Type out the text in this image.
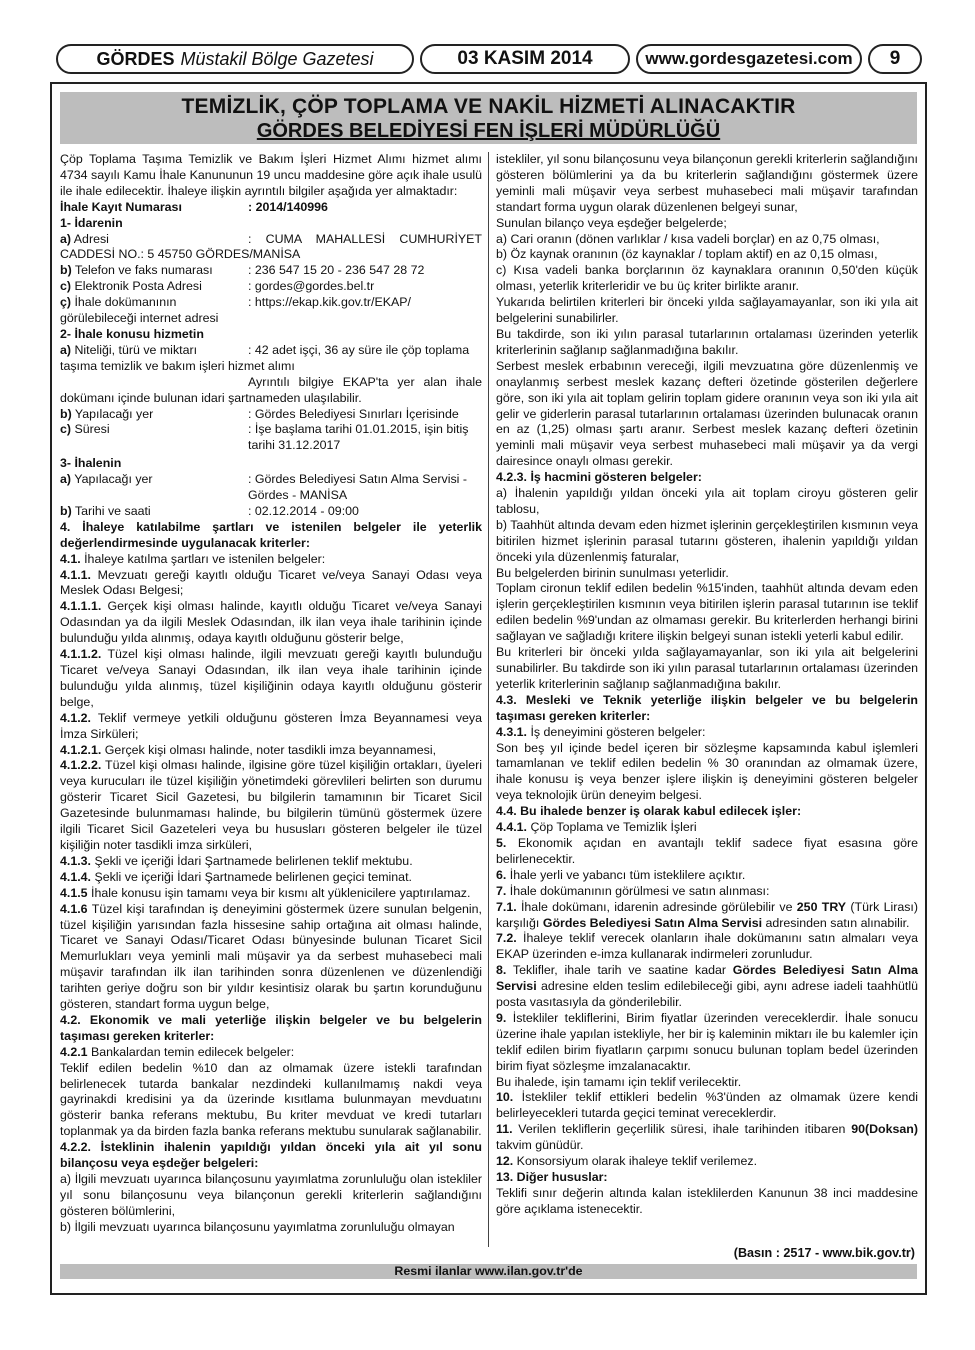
GÖRDES Müstakil Bölge Gazetesi	03 KASIM 2014	www.gordesgazetesi.com	9
TEMİZLİK, ÇÖP TOPLAMA VE NAKİL HİZMETİ ALINACAKTIR
GÖRDES BELEDİYESİ FEN İŞLERİ MÜDÜRLÜĞÜ

Çöp Toplama Taşıma Temizlik ve Bakım İşleri Hizmet Alımı hizmet alımı 4734 sayılı Kamu İhale Kanununun 19 uncu maddesine göre açık ihale usulü ile ihale edilecektir. İhaleye ilişkin ayrıntılı bilgiler aşağıda yer almaktadır:

İhale Kayıt Numarası	: 2014/140996

1- İdarenin

a) Adresi	: CUMA MAHALLESİ CUMHURİYET

CADDESİ NO.: 5 45750 GÖRDES/MANİSA

b) Telefon ve faks numarası	: 236 547 15 20 - 236 547 28 72
c) Elektronik Posta Adresi	: gordes@gordes.bel.tr
ç) İhale dokümanının	: https://ekap.kik.gov.tr/EKAP/

görülebileceği internet adresi

2- İhale konusu hizmetin

a) Niteliği, türü ve miktarı	: 42 adet işçi, 36 ay süre ile çöp toplama

taşıma temizlik ve bakım işleri hizmet alımı

Ayrıntılı bilgiye EKAP'ta yer alan ihale dokümanı içinde bulunan idari şartnameden ulaşılabilir.

b) Yapılacağı yer	: Gördes Belediyesi Sınırları İçerisinde
c) Süresi	: İşe başlama tarihi 01.01.2015, işin bitiş tarihi 31.12.2017

3- İhalenin

a) Yapılacağı yer	: Gördes Belediyesi Satın Alma Servisi - Gördes - MANİSA
b) Tarihi ve saati	: 02.12.2014 - 09:00

4. İhaleye katılabilme şartları ve istenilen belgeler ile yeterlik değerlendirmesinde uygulanacak kriterler:

4.1. İhaleye katılma şartları ve istenilen belgeler:

4.1.1. Mevzuatı gereği kayıtlı olduğu Ticaret ve/veya Sanayi Odası veya Meslek Odası Belgesi;

4.1.1.1. Gerçek kişi olması halinde, kayıtlı olduğu Ticaret ve/veya Sanayi Odasından ya da ilgili Meslek Odasından, ilk ilan veya ihale tarihinin içinde bulunduğu yılda alınmış, odaya kayıtlı olduğunu gösterir belge,

4.1.1.2. Tüzel kişi olması halinde, ilgili mevzuatı gereği kayıtlı bulunduğu Ticaret ve/veya Sanayi Odasından, ilk ilan veya ihale tarihinin içinde bulunduğu yılda alınmış, tüzel kişiliğinin odaya kayıtlı olduğunu gösterir belge,

4.1.2. Teklif vermeye yetkili olduğunu gösteren İmza Beyannamesi veya İmza Sirküleri;

4.1.2.1. Gerçek kişi olması halinde, noter tasdikli imza beyannamesi,

4.1.2.2. Tüzel kişi olması halinde, ilgisine göre tüzel kişiliğin ortakları, üyeleri veya kurucuları ile tüzel kişiliğin yönetimdeki görevlileri belirten son durumu gösterir Ticaret Sicil Gazetesi, bu bilgilerin tamamının bir Ticaret Sicil Gazetesinde bulunmaması halinde, bu bilgilerin tümünü göstermek üzere ilgili Ticaret Sicil Gazeteleri veya bu hususları gösteren belgeler ile tüzel kişiliğin noter tasdikli imza sirküleri,

4.1.3. Şekli ve içeriği İdari Şartnamede belirlenen teklif mektubu.

4.1.4. Şekli ve içeriği İdari Şartnamede belirlenen geçici teminat.

4.1.5 İhale konusu işin tamamı veya bir kısmı alt yüklenicilere yaptırılamaz.

4.1.6 Tüzel kişi tarafından iş deneyimini göstermek üzere sunulan belgenin, tüzel kişiliğin yarısından fazla hissesine sahip ortağına ait olması halinde, Ticaret ve Sanayi Odası/Ticaret Odası bünyesinde bulunan Ticaret Sicil Memurlukları veya yeminli mali müşavir ya da serbest muhasebeci mali müşavir tarafından ilk ilan tarihinden sonra düzenlenen ve düzenlendiği tarihten geriye doğru son bir yıldır kesintisiz olarak bu şartın korunduğunu gösteren, standart forma uygun belge,

4.2. Ekonomik ve mali yeterliğe ilişkin belgeler ve bu belgelerin taşıması gereken kriterler:

4.2.1 Bankalardan temin edilecek belgeler:

Teklif edilen bedelin %10 dan az olmamak üzere istekli tarafından belirlenecek tutarda bankalar nezdindeki kullanılmamış nakdi veya gayrinakdi kredisini ya da üzerinde kısıtlama bulunmayan mevduatını gösterir banka referans mektubu, Bu kriter mevduat ve kredi tutarları toplanmak ya da birden fazla banka referans mektubu sunularak sağlanabilir.

4.2.2. İsteklinin ihalenin yapıldığı yıldan önceki yıla ait yıl sonu bilançosu veya eşdeğer belgeleri:

a) İlgili mevzuatı uyarınca bilançosunu yayımlatma zorunluluğu olan istekliler yıl sonu bilançosunu veya bilançonun gerekli kriterlerin sağlandığını gösteren bölümlerini,

b) İlgili mevzuatı uyarınca bilançosunu yayımlatma zorunluluğu olmayan

istekliler, yıl sonu bilançosunu veya bilançonun gerekli kriterlerin sağlandığını gösteren bölümlerini ya da bu kriterlerin sağlandığını göstermek üzere yeminli mali müşavir veya serbest muhasebeci mali müşavir tarafından standart forma uygun olarak düzenlenen belgeyi sunar,

Sunulan bilanço veya eşdeğer belgelerde;

a) Cari oranın (dönen varlıklar / kısa vadeli borçlar) en az 0,75 olması,

b) Öz kaynak oranının (öz kaynaklar / toplam aktif) en az 0,15 olması,

c) Kısa vadeli banka borçlarının öz kaynaklara oranının 0,50'den küçük olması, yeterlik kriterleridir ve bu üç kriter birlikte aranır.

Yukarıda belirtilen kriterleri bir önceki yılda sağlayamayanlar, son iki yıla ait belgelerini sunabilirler.

Bu takdirde, son iki yılın parasal tutarlarının ortalaması üzerinden yeterlik kriterlerinin sağlanıp sağlanmadığına bakılır.

Serbest meslek erbabının vereceği, ilgili mevzuatına göre düzenlenmiş ve onaylanmış serbest meslek kazanç defteri özetinde gösterilen değerlere göre, son iki yıla ait toplam gelirin toplam gidere oranının veya son iki yıla ait gelir ve giderlerin parasal tutarlarının ortalaması üzerinden bulunacak oranın en az (1,25) olması şartı aranır. Serbest meslek kazanç defteri özetinin yeminli mali müşavir veya serbest muhasebeci mali müşavir ya da vergi dairesince onaylı olması gerekir.

4.2.3. İş hacmini gösteren belgeler:

a) İhalenin yapıldığı yıldan önceki yıla ait toplam ciroyu gösteren gelir tablosu,

b) Taahhüt altında devam eden hizmet işlerinin gerçekleştirilen kısmının veya bitirilen hizmet işlerinin parasal tutarını gösteren, ihalenin yapıldığı yıldan önceki yıla düzenlenmiş faturalar,

Bu belgelerden birinin sunulması yeterlidir.

Toplam cironun teklif edilen bedelin %15'inden, taahhüt altında devam eden işlerin gerçekleştirilen kısmının veya bitirilen işlerin parasal tutarının ise teklif edilen bedelin %9'undan az olmaması gerekir. Bu kriterlerden herhangi birini sağlayan ve sağladığı kritere ilişkin belgeyi sunan istekli yeterli kabul edilir.

Bu kriterleri bir önceki yılda sağlayamayanlar, son iki yıla ait belgelerini sunabilirler. Bu takdirde son iki yılın parasal tutarlarının ortalaması üzerinden yeterlik kriterlerinin sağlanıp sağlanmadığına bakılır.

4.3. Mesleki ve Teknik yeterliğe ilişkin belgeler ve bu belgelerin taşıması gereken kriterler:

4.3.1. İş deneyimini gösteren belgeler:

Son beş yıl içinde bedel içeren bir sözleşme kapsamında kabul işlemleri tamamlanan ve teklif edilen bedelin % 30 oranından az olmamak üzere, ihale konusu iş veya benzer işlere ilişkin iş deneyimini gösteren belgeler veya teknolojik ürün deneyim belgesi.

4.4. Bu ihalede benzer iş olarak kabul edilecek işler:

4.4.1. Çöp Toplama ve Temizlik İşleri

5. Ekonomik açıdan en avantajlı teklif sadece fiyat esasına göre belirlenecektir.

6. İhale yerli ve yabancı tüm isteklilere açıktır.

7. İhale dokümanının görülmesi ve satın alınması:

7.1. İhale dokümanı, idarenin adresinde görülebilir ve 250 TRY (Türk Lirası) karşılığı Gördes Belediyesi Satın Alma Servisi adresinden satın alınabilir.

7.2. İhaleye teklif verecek olanların ihale dokümanını satın almaları veya EKAP üzerinden e-imza kullanarak indirmeleri zorunludur.

8. Teklifler, ihale tarih ve saatine kadar Gördes Belediyesi Satın Alma Servisi adresine elden teslim edilebileceği gibi, aynı adrese iadeli taahhütlü posta vasıtasıyla da gönderilebilir.

9. İstekliler tekliflerini, Birim fiyatlar üzerinden vereceklerdir. İhale sonucu üzerine ihale yapılan istekliyle, her bir iş kaleminin miktarı ile bu kalemler için teklif edilen birim fiyatların çarpımı sonucu bulunan toplam bedel üzerinden birim fiyat sözleşme imzalanacaktır.

Bu ihalede, işin tamamı için teklif verilecektir.

10. İstekliler teklif ettikleri bedelin %3'ünden az olmamak üzere kendi belirleyecekleri tutarda geçici teminat vereceklerdir.

11. Verilen tekliflerin geçerlilik süresi, ihale tarihinden itibaren 90(Doksan) takvim günüdür.

12. Konsorsiyum olarak ihaleye teklif verilemez.

13. Diğer hususlar:

Teklifi sınır değerin altında kalan isteklilerden Kanunun 38 inci maddesine göre açıklama istenecektir.

(Basın : 2517 - www.bik.gov.tr)
Resmi ilanlar www.ilan.gov.tr'de
